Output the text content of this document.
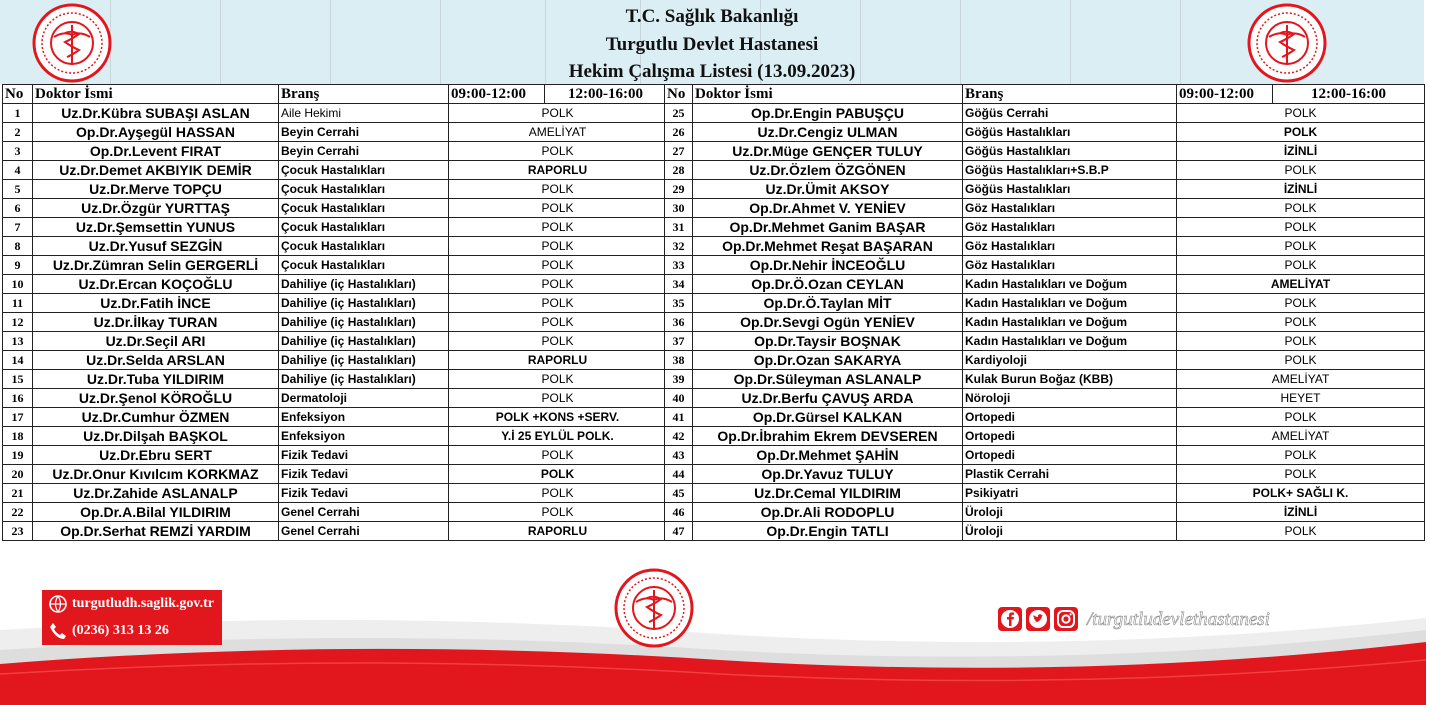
T.C. Sağlık Bakanlığı
Turgutlu Devlet Hastanesi
Hekim Çalışma Listesi (13.09.2023)
No	Doktor İsmi	Branş	09:00-12:00	12:00-16:00
1	Uz.Dr.Kübra SUBAŞI ASLAN	Aile Hekimi	POLK	
2	Op.Dr.Ayşegül HASSAN	Beyin Cerrahi	AMELİYAT	
3	Op.Dr.Levent FIRAT	Beyin Cerrahi	POLK	
4	Uz.Dr.Demet AKBIYIK DEMİR	Çocuk Hastalıkları	RAPORLU	
5	Uz.Dr.Merve TOPÇU	Çocuk Hastalıkları	POLK	
6	Uz.Dr.Özgür YURTTAŞ	Çocuk Hastalıkları	POLK	
7	Uz.Dr.Şemsettin YUNUS	Çocuk Hastalıkları	POLK	
8	Uz.Dr.Yusuf SEZGİN	Çocuk Hastalıkları	POLK	
9	Uz.Dr.Zümran Selin GERGERLİ	Çocuk Hastalıkları	POLK	
10	Uz.Dr.Ercan KOÇOĞLU	Dahiliye (iç Hastalıkları)	POLK	
11	Uz.Dr.Fatih İNCE	Dahiliye (iç Hastalıkları)	POLK	
12	Uz.Dr.İlkay TURAN	Dahiliye (iç Hastalıkları)	POLK	
13	Uz.Dr.Seçil ARI	Dahiliye (iç Hastalıkları)	POLK	
14	Uz.Dr.Selda ARSLAN	Dahiliye (iç Hastalıkları)	RAPORLU	
15	Uz.Dr.Tuba YILDIRIM	Dahiliye (iç Hastalıkları)	POLK	
16	Uz.Dr.Şenol KÖROĞLU	Dermatoloji	POLK	
17	Uz.Dr.Cumhur ÖZMEN	Enfeksiyon	POLK +KONS +SERV.	
18	Uz.Dr.Dilşah BAŞKOL	Enfeksiyon	Y.İ 25 EYLÜL POLK.	
19	Uz.Dr.Ebru SERT	Fizik Tedavi	POLK	
20	Uz.Dr.Onur Kıvılcım KORKMAZ	Fizik Tedavi	POLK	
21	Uz.Dr.Zahide ASLANALP	Fizik Tedavi	POLK	
22	Op.Dr.A.Bilal YILDIRIM	Genel Cerrahi	POLK	
23	Op.Dr.Serhat REMZİ YARDIM	Genel Cerrahi	RAPORLU	
No	Doktor İsmi	Branş	09:00-12:00	12:00-16:00
25	Op.Dr.Engin PABUŞÇU	Göğüs Cerrahi	POLK	
26	Uz.Dr.Cengiz ULMAN	Göğüs Hastalıkları	POLK	
27	Uz.Dr.Müge GENÇER TULUY	Göğüs Hastalıkları	İZİNLİ	
28	Uz.Dr.Özlem ÖZGÖNEN	Göğüs Hastalıkları+S.B.P	POLK	
29	Uz.Dr.Ümit AKSOY	Göğüs Hastalıkları	İZİNLİ	
30	Op.Dr.Ahmet V. YENİEV	Göz Hastalıkları	POLK	
31	Op.Dr.Mehmet Ganim BAŞAR	Göz Hastalıkları	POLK	
32	Op.Dr.Mehmet Reşat BAŞARAN	Göz Hastalıkları	POLK	
33	Op.Dr.Nehir İNCEOĞLU	Göz Hastalıkları	POLK	
34	Op.Dr.Ö.Ozan CEYLAN	Kadın Hastalıkları ve Doğum	AMELİYAT	
35	Op.Dr.Ö.Taylan MİT	Kadın Hastalıkları ve Doğum	POLK	
36	Op.Dr.Sevgi Ogün YENİEV	Kadın Hastalıkları ve Doğum	POLK	
37	Op.Dr.Taysir BOŞNAK	Kadın Hastalıkları ve Doğum	POLK	
38	Op.Dr.Ozan SAKARYA	Kardiyoloji	POLK	
39	Op.Dr.Süleyman ASLANALP	Kulak Burun Boğaz (KBB)	AMELİYAT	
40	Uz.Dr.Berfu ÇAVUŞ ARDA	Nöroloji	HEYET	
41	Op.Dr.Gürsel KALKAN	Ortopedi	POLK	
42	Op.Dr.İbrahim Ekrem DEVSEREN	Ortopedi	AMELİYAT	
43	Op.Dr.Mehmet ŞAHİN	Ortopedi	POLK	
44	Op.Dr.Yavuz TULUY	Plastik Cerrahi	POLK	
45	Uz.Dr.Cemal YILDIRIM	Psikiyatri	POLK+ SAĞLI K.	
46	Op.Dr.Ali RODOPLU	Üroloji	İZİNLİ	
47	Op.Dr.Engin TATLI	Üroloji	POLK	
turgutludh.saglik.gov.tr
(0236) 313 13 26
/turgutludevlethastanesi
